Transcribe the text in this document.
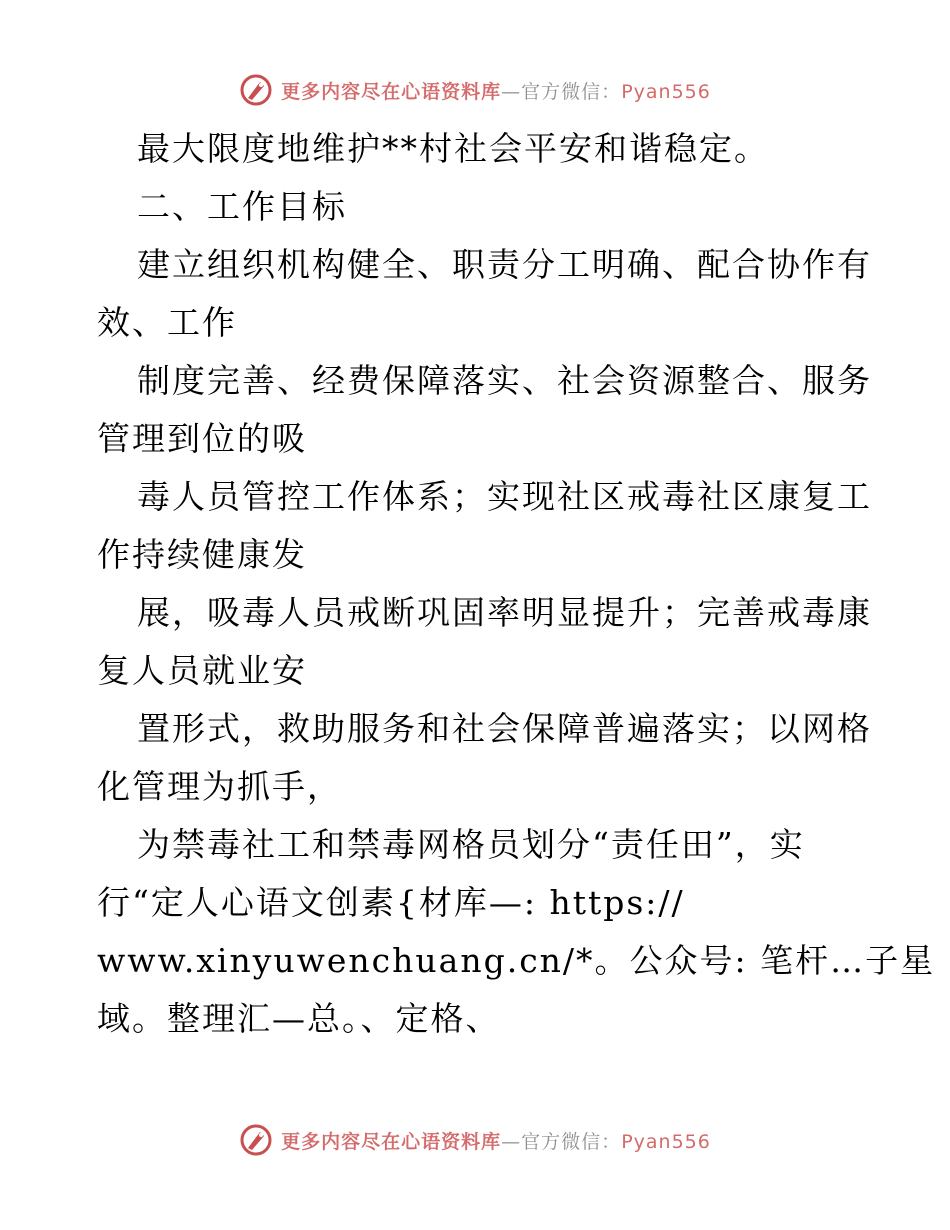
更多内容尽在心语资料库—官方微信：Pyan556
最大限度地维护**村社会平安和谐稳定。
二、工作目标
建立组织机构健全、职责分工明确、配合协作有
效、工作
制度完善、经费保障落实、社会资源整合、服务
管理到位的吸
毒人员管控工作体系；实现社区戒毒社区康复工
作持续健康发
展，吸毒人员戒断巩固率明显提升；完善戒毒康
复人员就业安
置形式，救助服务和社会保障普遍落实；以网格
化管理为抓手，
为禁毒社工和禁毒网格员划分“责任田”，实
行“定人心语文创素{材库—: https://
www.xinyuwenchuang.cn/*。公众号: 笔杆…子星
域。整理汇—总。、定格、
更多内容尽在心语资料库—官方微信：Pyan556
